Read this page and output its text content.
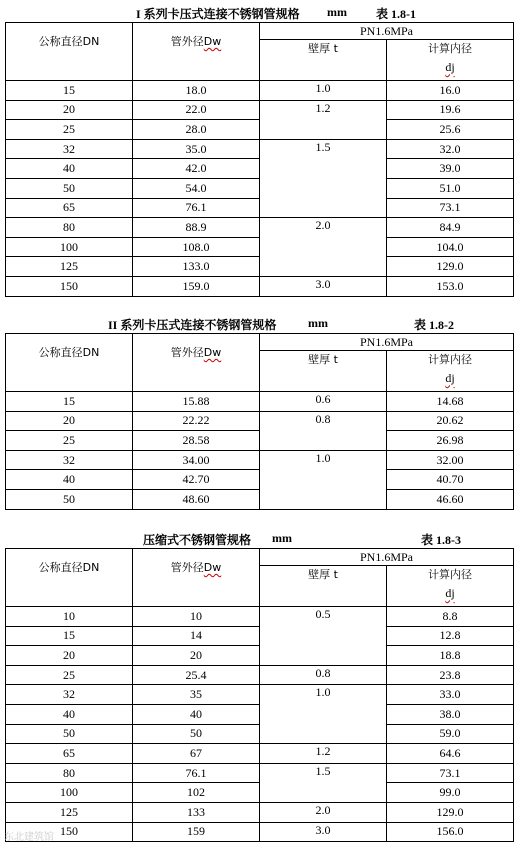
I 系列卡压式连接不锈钢管规格

mm

表 1.8-1

公称直径DN	管外径Dw	PN1.6MPa	
		壁厚 t	计算内径
dj

15	18.0	1.0	16.0
20	22.0	1.2	19.6
25	28.0		25.6
32	35.0	1.5	32.0
40	42.0		39.0
50	54.0		51.0
65	76.1		73.1
80	88.9	2.0	84.9
100	108.0		104.0
125	133.0		129.0
150	159.0	3.0	153.0

II 系列卡压式连接不锈钢管规格

	mm

	表 1.8-2

公称直径DN	管外径Dw	PN1.6MPa	
		壁厚 t	计算内径
dj

15	15.88	0.6	14.68
20	22.22	0.8	20.62
25	28.58		26.98
32	34.00	1.0	32.00
40	42.70		40.70
50	48.60		46.60

压缩式不锈钢管规格

mm

	表 1.8-3

公称直径DN	管外径Dw	PN1.6MPa	
		壁厚 t	计算内径
dj

10	10	0.5	8.8
15	14		12.8
20	20		18.8
25	25.4	0.8	23.8
32	35	1.0	33.0
40	40		38.0
50	50		59.0
65	67	1.2	64.6
80	76.1	1.5	73.1
100	102		99.0
125	133	2.0	129.0
150	159	3.0	156.0
东北建筑馆
